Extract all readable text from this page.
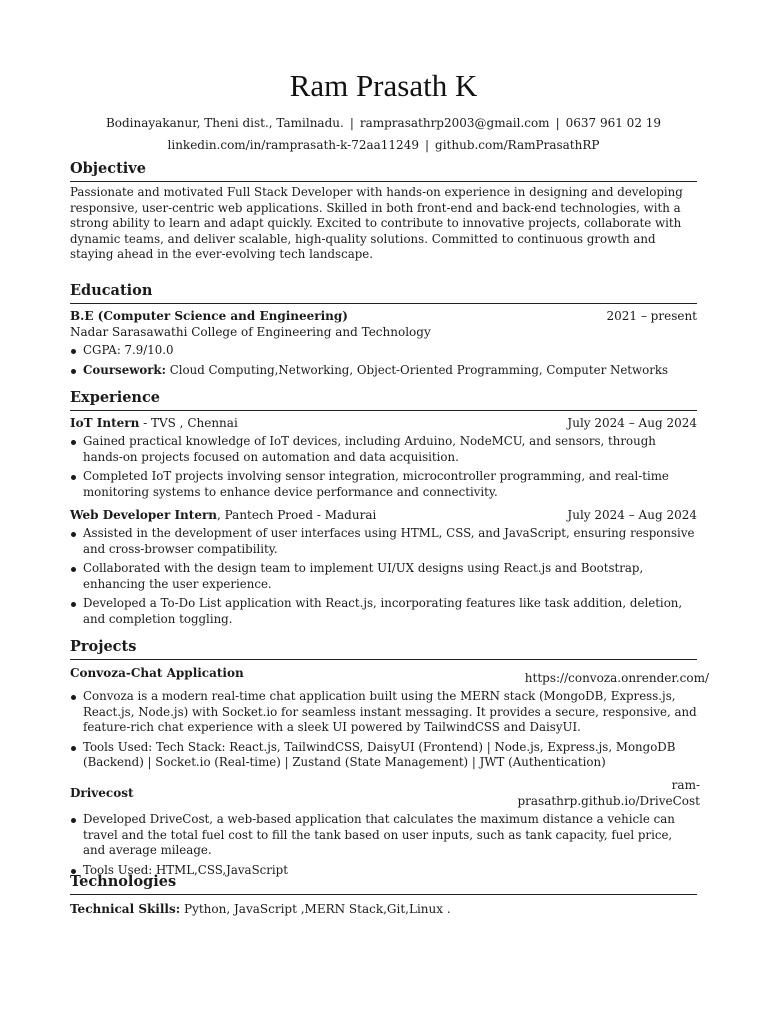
Ram Prasath K
Bodinayakanur, Theni dist., Tamilnadu. | ramprasathrp2003@gmail.com | 0637 961 02 19
linkedin.com/in/ramprasath-k-72aa11249 | github.com/RamPrasathRP
Objective

Passionate and motivated Full Stack Developer with hands-on experience in designing and developing responsive, user-centric web applications. Skilled in both front-end and back-end technologies, with a strong ability to learn and adapt quickly. Excited to contribute to innovative projects, collaborate with dynamic teams, and deliver scalable, high-quality solutions. Committed to continuous growth and staying ahead in the ever-evolving tech landscape.

Education
B.E (Computer Science and Engineering)	2021 – present
Nadar Sarasawathi College of Engineering and Technology
CGPA: 7.9/10.0
Coursework: Cloud Computing,Networking, Object-Oriented Programming, Computer Networks
Experience
IoT Intern - TVS , Chennai	July 2024 – Aug 2024
Gained practical knowledge of IoT devices, including Arduino, NodeMCU, and sensors, through hands-on projects focused on automation and data acquisition.
Completed IoT projects involving sensor integration, microcontroller programming, and real-time monitoring systems to enhance device performance and connectivity.
Web Developer Intern, Pantech Proed - Madurai	July 2024 – Aug 2024
Assisted in the development of user interfaces using HTML, CSS, and JavaScript, ensuring responsive and cross-browser compatibility.
Collaborated with the design team to implement UI/UX designs using React.js and Bootstrap, enhancing the user experience.
Developed a To-Do List application with React.js, incorporating features like task addition, deletion, and completion toggling.
Projects
Convoza-Chat Application	https://convoza.onrender.com/
Convoza is a modern real-time chat application built using the MERN stack (MongoDB, Express.js, React.js, Node.js) with Socket.io for seamless instant messaging. It provides a secure, responsive, and feature-rich chat experience with a sleek UI powered by TailwindCSS and DaisyUI.
Tools Used: Tech Stack: React.js, TailwindCSS, DaisyUI (Frontend) | Node.js, Express.js, MongoDB (Backend) | Socket.io (Real-time) | Zustand (State Management) | JWT (Authentication)
Drivecost
ram-
prasathrp.github.io/DriveCost
Developed DriveCost, a web-based application that calculates the maximum distance a vehicle can travel and the total fuel cost to fill the tank based on user inputs, such as tank capacity, fuel price, and average mileage.
Tools Used: HTML,CSS,JavaScript
Technologies
Technical Skills: Python, JavaScript ,MERN Stack,Git,Linux .
